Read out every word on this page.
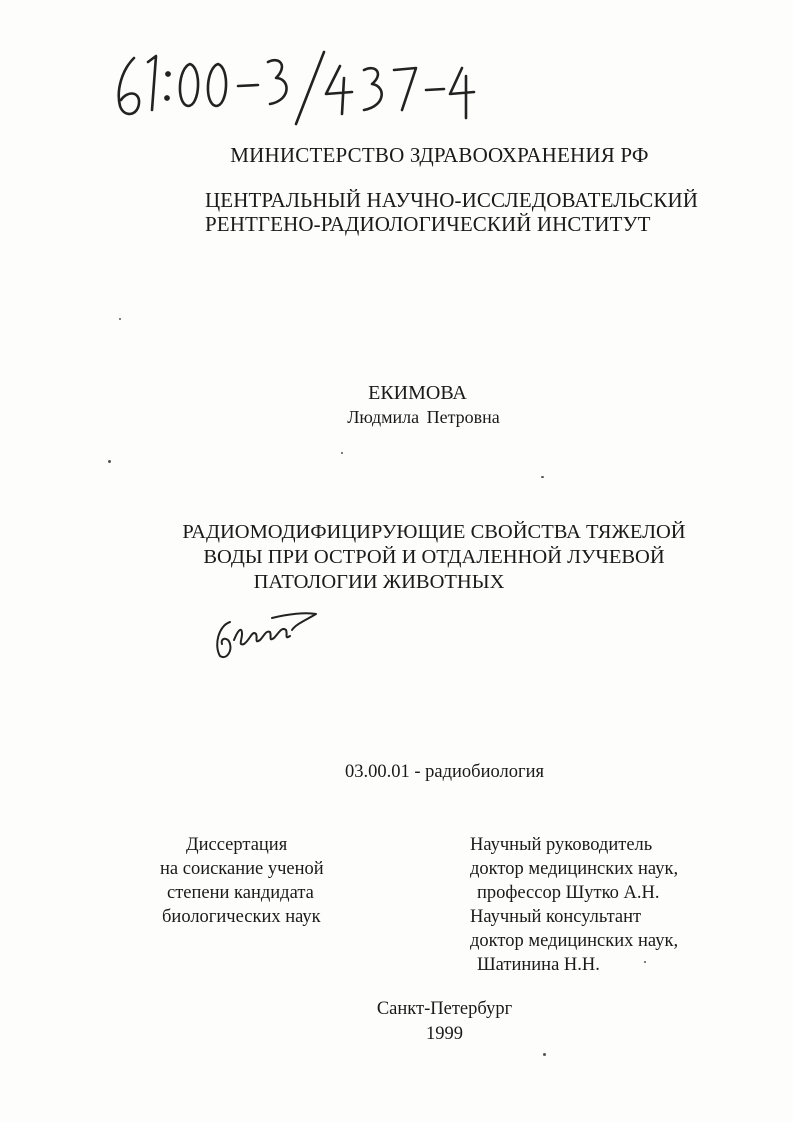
МИНИСТЕРСТВО ЗДРАВООХРАНЕНИЯ РФ
ЦЕНТРАЛЬНЫЙ НАУЧНО-ИССЛЕДОВАТЕЛЬСКИЙ
РЕНТГЕНО-РАДИОЛОГИЧЕСКИЙ ИНСТИТУТ
ЕКИМОВА
Людмила Петровна
РАДИОМОДИФИЦИРУЮЩИЕ СВОЙСТВА ТЯЖЕЛОЙ
ВОДЫ ПРИ ОСТРОЙ И ОТДАЛЕННОЙ ЛУЧЕВОЙ
ПАТОЛОГИИ ЖИВОТНЫХ
03.00.01 - радиобиология
Диссертация
на соискание ученой
степени кандидата
биологических наук
Научный руководитель
доктор медицинских наук,
профессор Шутко А.Н.
Научный консультант
доктор медицинских наук,
Шатинина Н.Н.
Санкт-Петербург
1999
